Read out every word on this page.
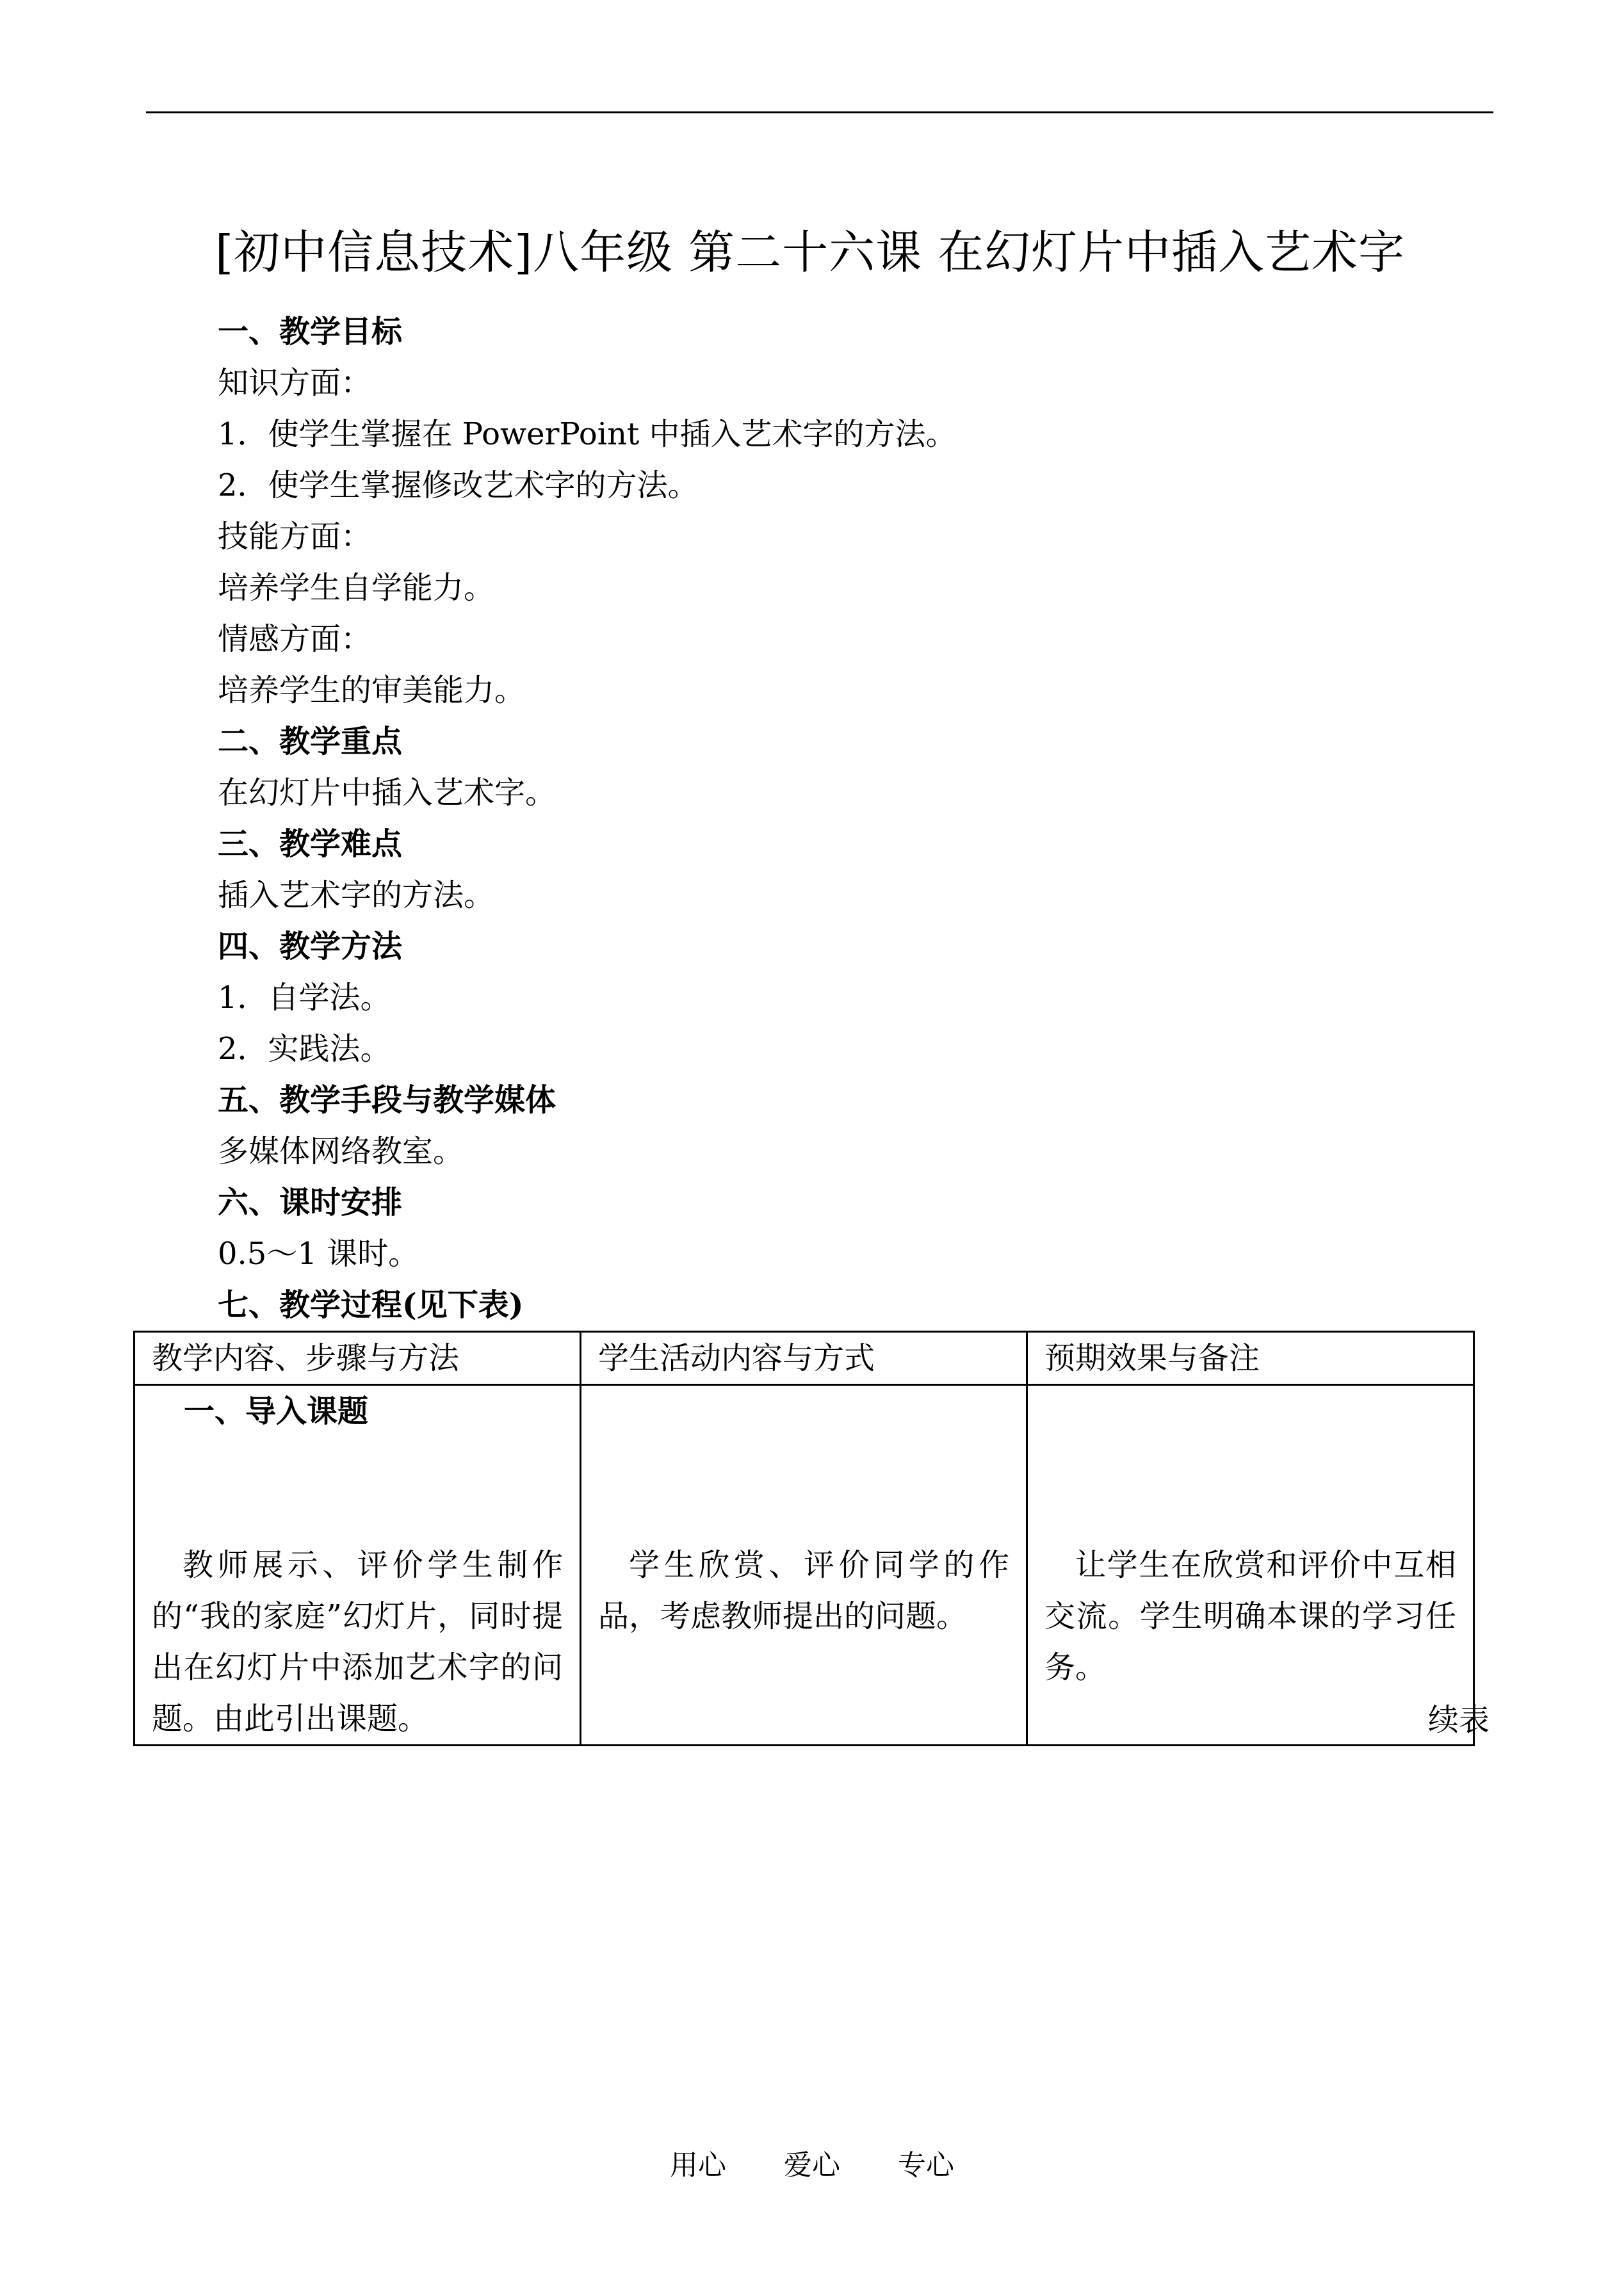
[初中信息技术]八年级 第二十六课 在幻灯片中插入艺术字
一、教学目标
知识方面：
1．使学生掌握在 PowerPoint 中插入艺术字的方法。
2．使学生掌握修改艺术字的方法。
技能方面：
培养学生自学能力。
情感方面：
培养学生的审美能力。
二、教学重点
在幻灯片中插入艺术字。
三、教学难点
插入艺术字的方法。
四、教学方法
1．自学法。
2．实践法。
五、教学手段与教学媒体
多媒体网络教室。
六、课时安排
0.5～1 课时。
七、教学过程(见下表)
教学内容、步骤与方法	学生活动内容与方式	预期效果与备注

一、导入课题
教师展示、评价学生制作的“我的家庭”幻灯片，同时提出在幻灯片中添加艺术字的问题。由此引出课题。	学生欣赏、评价同学的作品，考虑教师提出的问题。	让学生在欣赏和评价中互相交流。学生明确本课的学习任务。
续表
用心 爱心 专心
